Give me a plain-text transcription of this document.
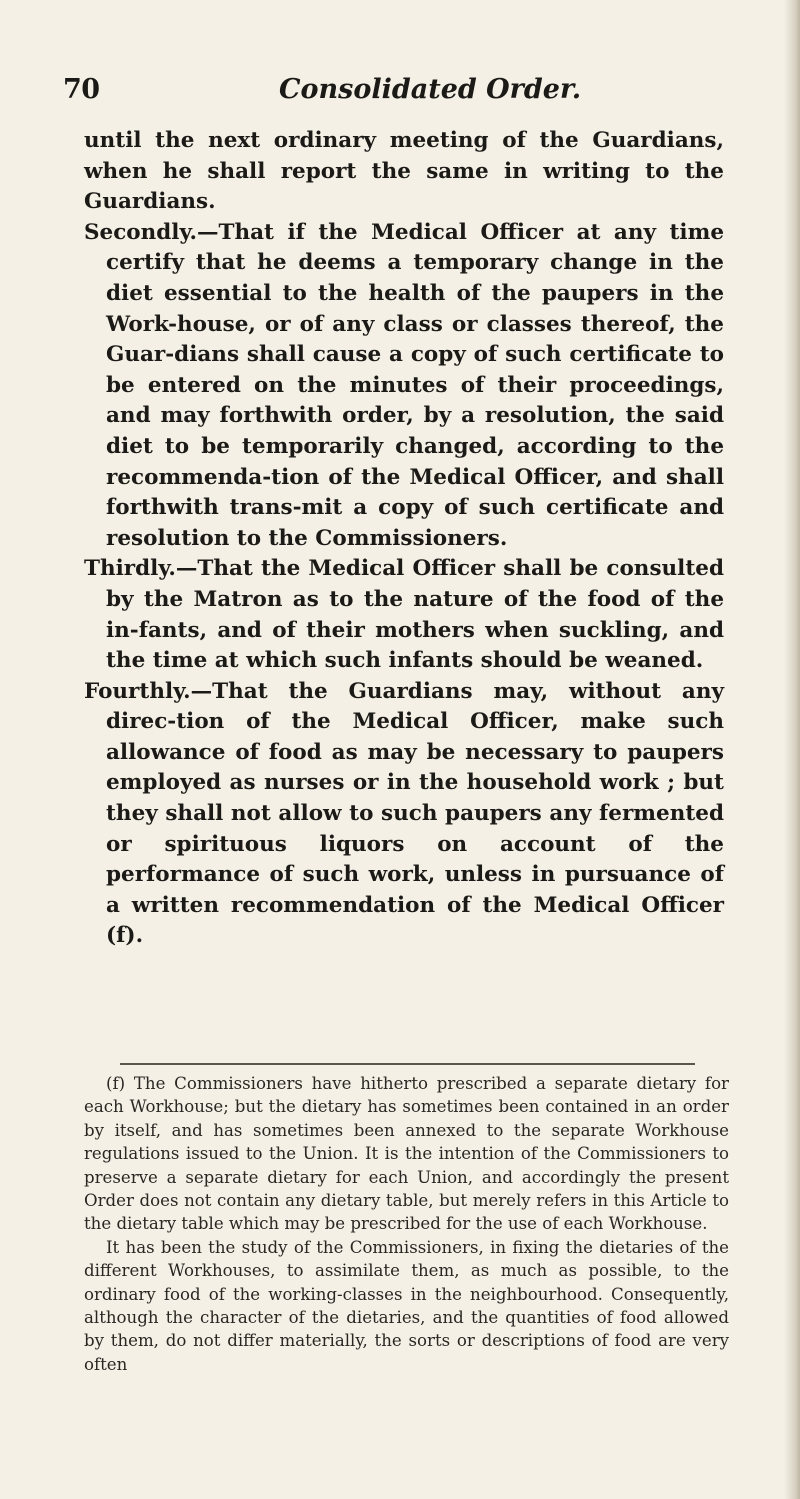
70	Consolidated Order.

until the next ordinary meeting of the Guardians, when he shall report the same in writing to the Guardians.

Secondly.—That if the Medical Officer at any time certify that he deems a temporary change in the diet essential to the health of the paupers in the Work-house, or of any class or classes thereof, the Guar-dians shall cause a copy of such certificate to be entered on the minutes of their proceedings, and may forthwith order, by a resolution, the said diet to be temporarily changed, according to the recommenda-tion of the Medical Officer, and shall forthwith trans-mit a copy of such certificate and resolution to the Commissioners.

Thirdly.—That the Medical Officer shall be consulted by the Matron as to the nature of the food of the in-fants, and of their mothers when suckling, and the time at which such infants should be weaned.

Fourthly.—That the Guardians may, without any direc-tion of the Medical Officer, make such allowance of food as may be necessary to paupers employed as nurses or in the household work ; but they shall not allow to such paupers any fermented or spirituous liquors on account of the performance of such work, unless in pursuance of a written recommendation of the Medical Officer (f).

(f) The Commissioners have hitherto prescribed a separate dietary for each Workhouse; but the dietary has sometimes been contained in an order by itself, and has sometimes been annexed to the separate Workhouse regulations issued to the Union. It is the intention of the Commissioners to preserve a separate dietary for each Union, and accordingly the present Order does not contain any dietary table, but merely refers in this Article to the dietary table which may be prescribed for the use of each Workhouse.

It has been the study of the Commissioners, in fixing the dietaries of the different Workhouses, to assimilate them, as much as possible, to the ordinary food of the working-classes in the neighbourhood. Consequently, although the character of the dietaries, and the quantities of food allowed by them, do not differ materially, the sorts or descriptions of food are very often
